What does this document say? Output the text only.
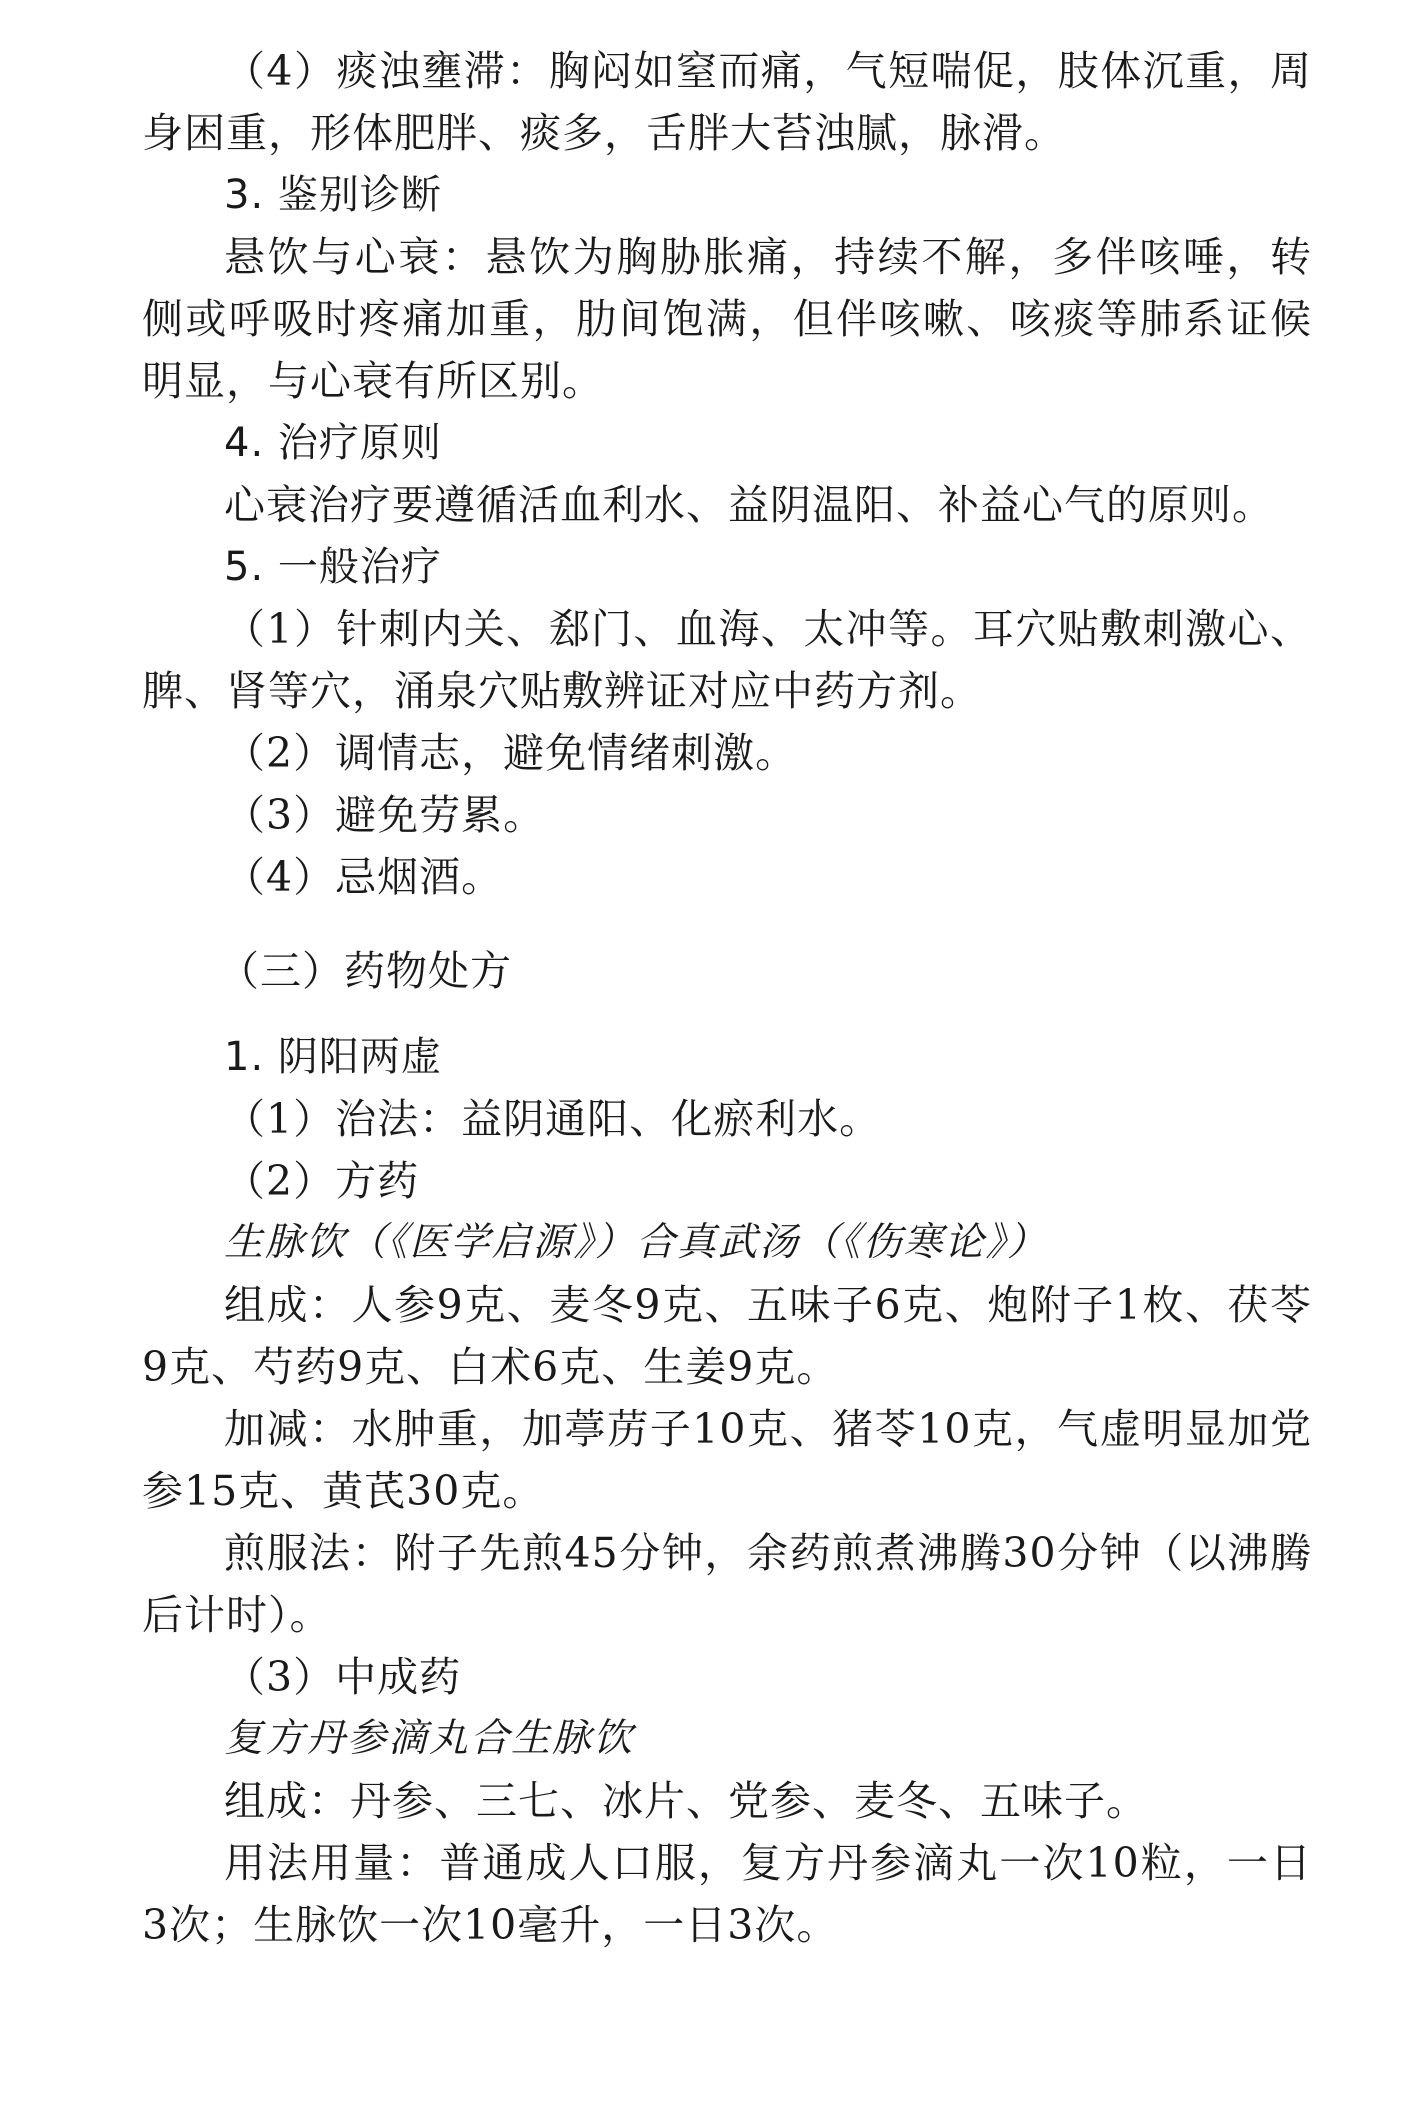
（4）痰浊壅滞：胸闷如窒而痛，气短喘促，肢体沉重，周身困重，形体肥胖、痰多，舌胖大苔浊腻，脉滑。

3. 鉴别诊断

悬饮与心衰：悬饮为胸胁胀痛，持续不解，多伴咳唾，转侧或呼吸时疼痛加重，肋间饱满，但伴咳嗽、咳痰等肺系证候明显，与心衰有所区别。

4. 治疗原则

心衰治疗要遵循活血利水、益阴温阳、补益心气的原则。

5. 一般治疗

（1）针刺内关、郄门、血海、太冲等。耳穴贴敷刺激心、脾、肾等穴，涌泉穴贴敷辨证对应中药方剂。

（2）调情志，避免情绪刺激。

（3）避免劳累。

（4）忌烟酒。

（三）药物处方

1. 阴阳两虚

（1）治法：益阴通阳、化瘀利水。

（2）方药

生脉饮（《医学启源》）合真武汤（《伤寒论》）

组成：人参9克、麦冬9克、五味子6克、炮附子1枚、茯苓9克、芍药9克、白术6克、生姜9克。

加减：水肿重，加葶苈子10克、猪苓10克，气虚明显加党参15克、黄芪30克。

煎服法：附子先煎45分钟，余药煎煮沸腾30分钟（以沸腾后计时）。

（3）中成药

复方丹参滴丸合生脉饮

组成：丹参、三七、冰片、党参、麦冬、五味子。

用法用量：普通成人口服，复方丹参滴丸一次10粒，一日3次；生脉饮一次10毫升，一日3次。
